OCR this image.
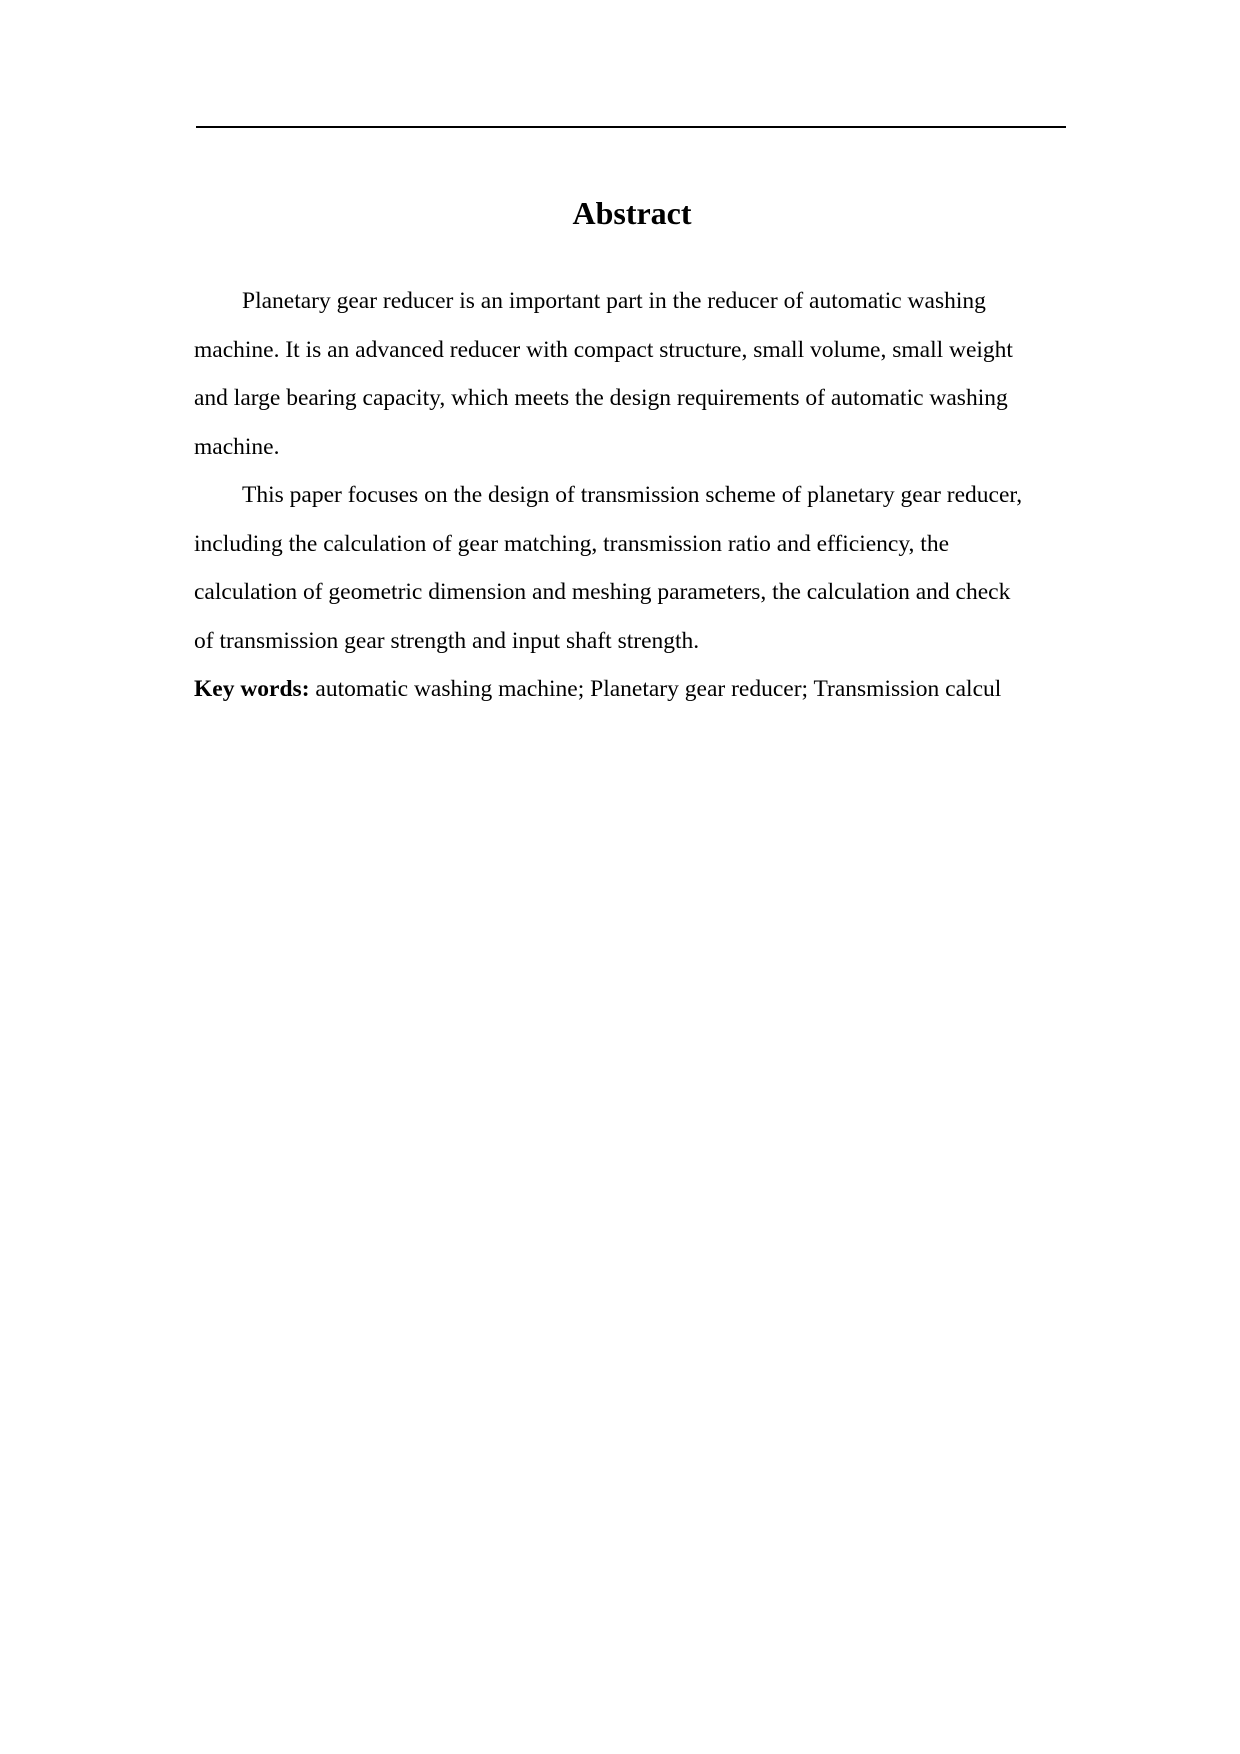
Abstract

Planetary gear reducer is an important part in the reducer of automatic washing
machine. It is an advanced reducer with compact structure, small volume, small weight
and large bearing capacity, which meets the design requirements of automatic washing
machine.

This paper focuses on the design of transmission scheme of planetary gear reducer,
including the calculation of gear matching, transmission ratio and efficiency, the
calculation of geometric dimension and meshing parameters, the calculation and check
of transmission gear strength and input shaft strength.

Key words: automatic washing machine; Planetary gear reducer; Transmission calcul
